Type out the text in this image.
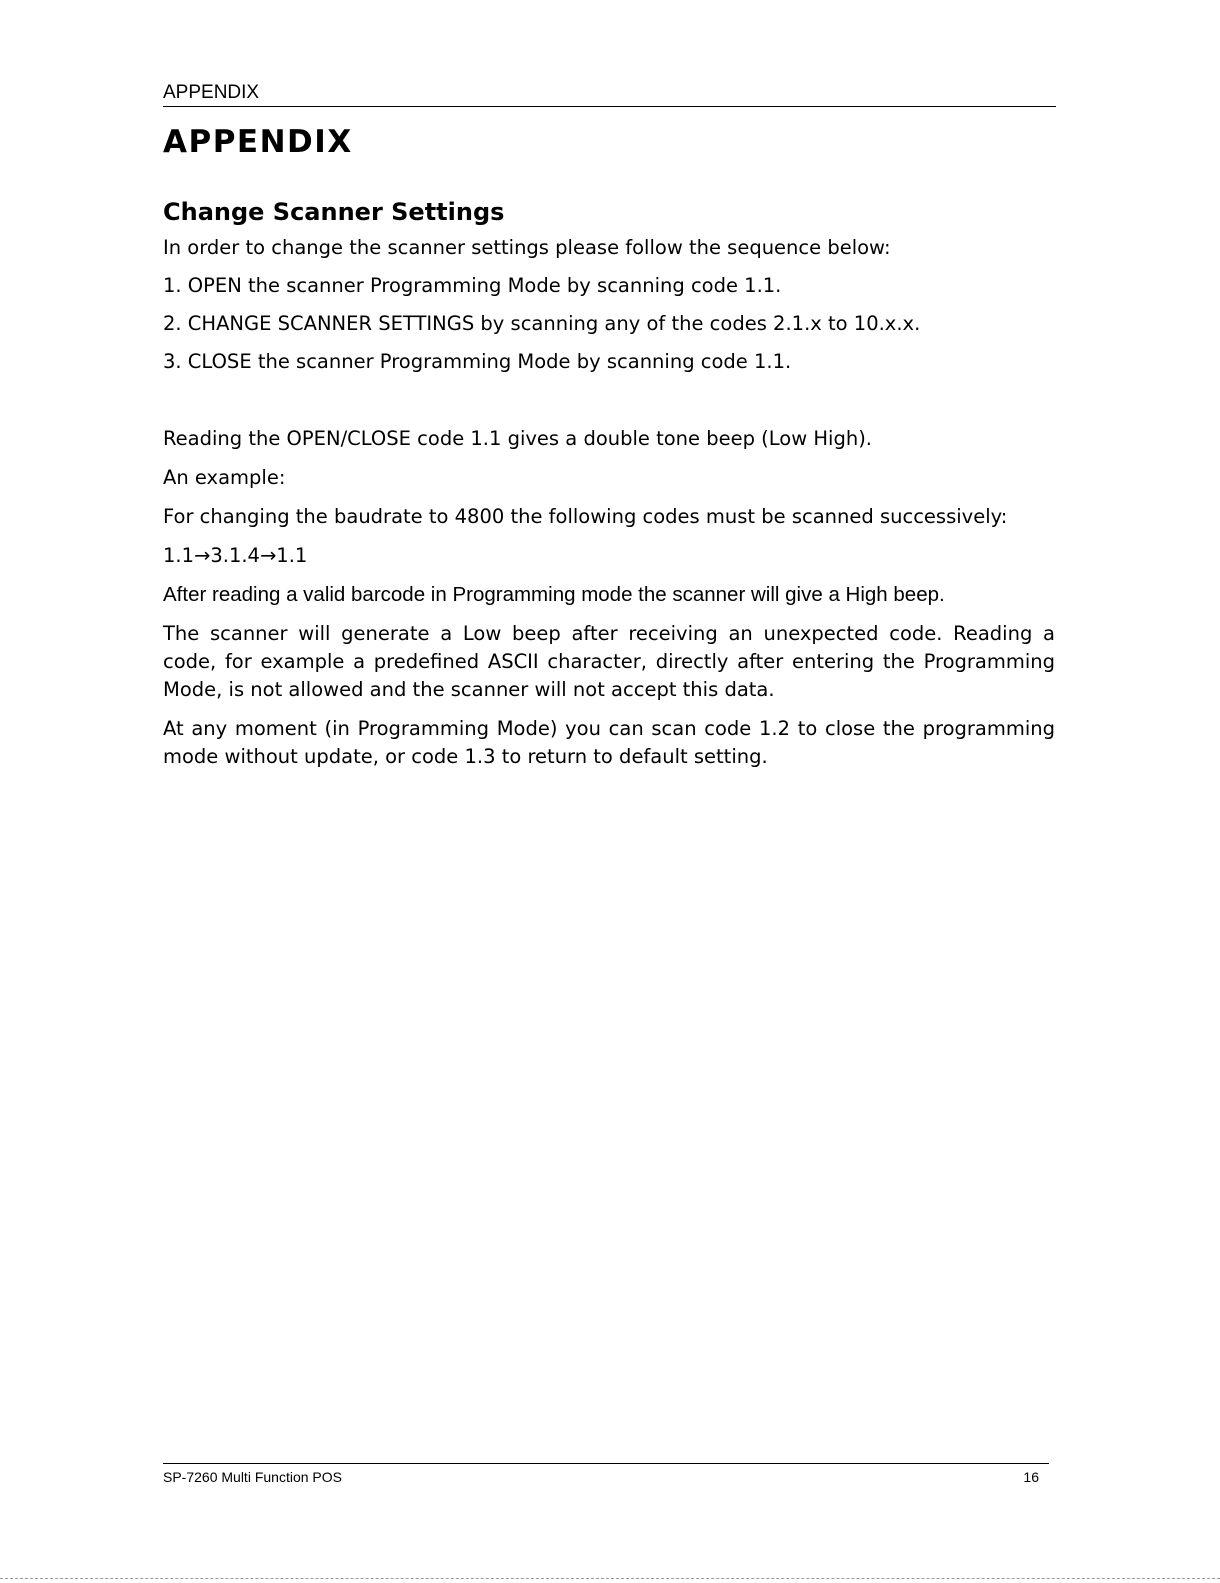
APPENDIX
APPENDIX
Change Scanner Settings

In order to change the scanner settings please follow the sequence below:

1. OPEN the scanner Programming Mode by scanning code 1.1.

2. CHANGE SCANNER SETTINGS by scanning any of the codes 2.1.x to 10.x.x.

3. CLOSE the scanner Programming Mode by scanning code 1.1.

Reading the OPEN/CLOSE code 1.1 gives a double tone beep (Low High).

An example:

For changing the baudrate to 4800 the following codes must be scanned successively:

1.1→3.1.4→1.1

After reading a valid barcode in Programming mode the scanner will give a High beep.

The scanner will generate a Low beep after receiving an unexpected code. Reading a code, for example a predefined ASCII character, directly after entering the Programming Mode, is not allowed and the scanner will not accept this data.

At any moment (in Programming Mode) you can scan code 1.2 to close the programming mode without update, or code 1.3 to return to default setting.

SP-7260 Multi Function POS	16
